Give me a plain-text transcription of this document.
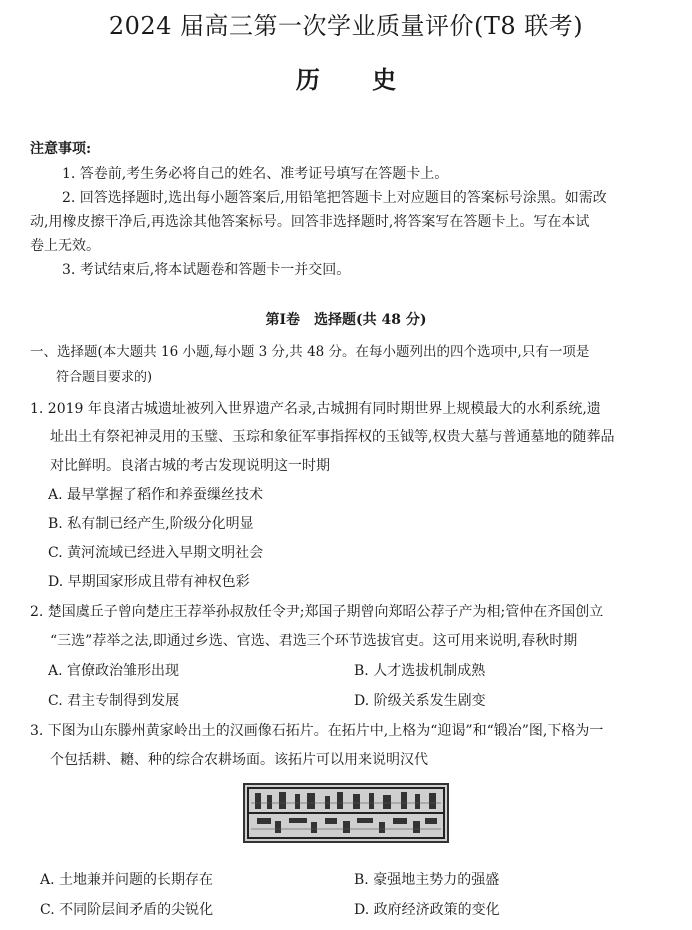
2024 届高三第一次学业质量评价(T8 联考)
历 史
注意事项:
1. 答卷前,考生务必将自己的姓名、准考证号填写在答题卡上。
2. 回答选择题时,选出每小题答案后,用铅笔把答题卡上对应题目的答案标号涂黑。如需改
动,用橡皮擦干净后,再选涂其他答案标号。回答非选择题时,将答案写在答题卡上。写在本试
卷上无效。
3. 考试结束后,将本试题卷和答题卡一并交回。
第Ⅰ卷　选择题(共 48 分)
一、选择题(本大题共 16 小题,每小题 3 分,共 48 分。在每小题列出的四个选项中,只有一项是
符合题目要求的)
1. 2019 年良渚古城遗址被列入世界遗产名录,古城拥有同时期世界上规模最大的水利系统,遗
址出土有祭祀神灵用的玉璧、玉琮和象征军事指挥权的玉钺等,权贵大墓与普通墓地的随葬品
对比鲜明。良渚古城的考古发现说明这一时期
A. 最早掌握了稻作和养蚕缫丝技术
B. 私有制已经产生,阶级分化明显
C. 黄河流域已经进入早期文明社会
D. 早期国家形成且带有神权色彩
2. 楚国虞丘子曾向楚庄王荐举孙叔敖任令尹;郑国子期曾向郑昭公荐子产为相;管仲在齐国创立
“三选”荐举之法,即通过乡选、官选、君选三个环节选拔官吏。这可用来说明,春秋时期
A. 官僚政治雏形出现	B. 人才选拔机制成熟
C. 君主专制得到发展	D. 阶级关系发生剧变
3. 下图为山东滕州黄家岭出土的汉画像石拓片。在拓片中,上格为“迎谒”和“锻冶”图,下格为一
个包括耕、耱、种的综合农耕场面。该拓片可以用来说明汉代
A. 土地兼并问题的长期存在	B. 豪强地主势力的强盛
C. 不同阶层间矛盾的尖锐化	D. 政府经济政策的变化
